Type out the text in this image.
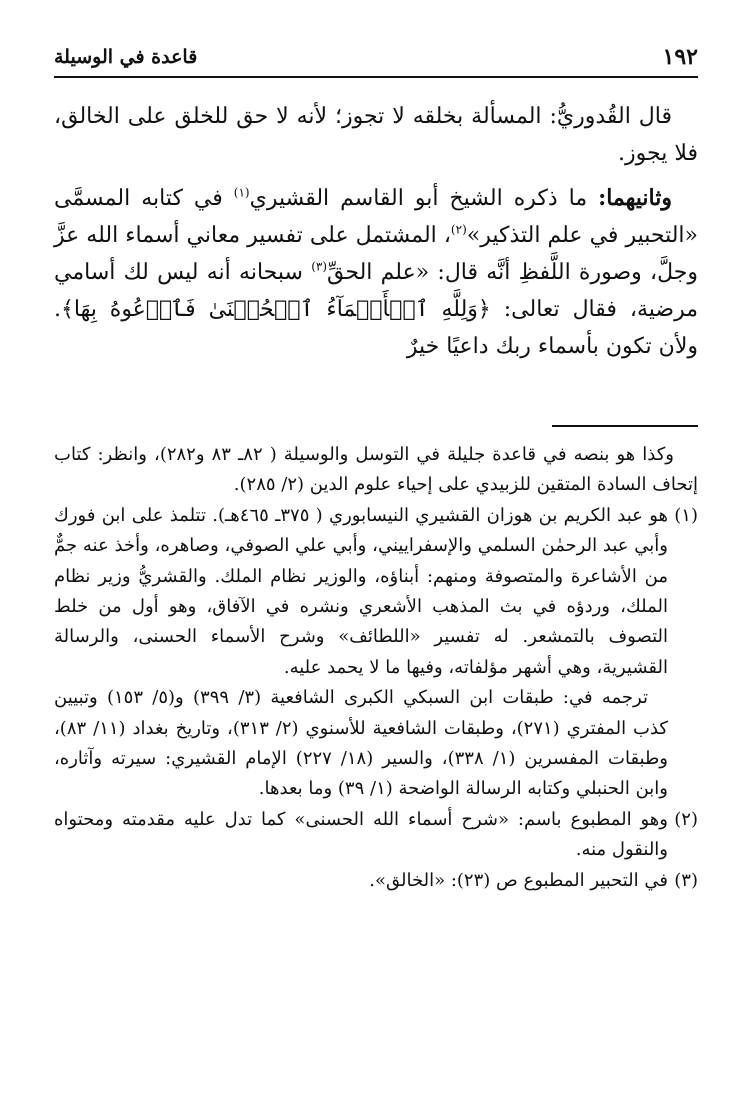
١٩٢
قاعدة في الوسيلة

قال القُدوريُّ: المسألة بخلقه لا تجوز؛ لأنه لا حق للخلق على الخالق، فلا يجوز.

وثانيهما: ما ذكره الشيخ أبو القاسم القشيري$^{(١)}$ في كتابه المسمَّى «التحبير في علم التذكير»$^{(٢)}$، المشتمل على تفسير معاني أسماء الله عزَّ وجلَّ، وصورة اللَّفظِ أنَّه قال: «علم الحقِّ$^{(٣)}$ سبحانه أنه ليس لك أسامي مرضية، فقال تعالى: ﴿وَلِلَّهِ ٱلۡأَسۡمَآءُ ٱلۡحُسۡنَىٰ فَٱدۡعُوهُ بِهَا﴾. ولأن تكون بأسماء ربك داعيًا خيرٌ

وكذا هو بنصه في قاعدة جليلة في التوسل والوسيلة ( ٨٢ـ ٨٣ و٢٨٢)، وانظر: كتاب إتحاف السادة المتقين للزبيدي على إحياء علوم الدين (٢/ ٢٨٥).

(١)

هو عبد الكريم بن هوزان القشيري النيسابوري ( ٣٧٥ـ ٤٦٥هـ). تتلمذ على ابن فورك وأبي عبد الرحمٰن السلمي والإسفراييني، وأبي علي الصوفي، وصاهره، وأخذ عنه جمٌّ من الأشاعرة والمتصوفة ومنهم: أبناؤه، والوزير نظام الملك. والقشريُّ وزير نظام الملك، وردؤه في بث المذهب الأشعري ونشره في الآفاق، وهو أول من خلط التصوف بالتمشعر. له تفسير «اللطائف» وشرح الأسماء الحسنى، والرسالة القشيرية، وهي أشهر مؤلفاته، وفيها ما لا يحمد عليه.

ترجمه في: طبقات ابن السبكي الكبرى الشافعية (٣/ ٣٩٩) و(٥/ ١٥٣) وتبيين كذب المفتري (٢٧١)، وطبقات الشافعية للأسنوي (٢/ ٣١٣)، وتاريخ بغداد (١١/ ٨٣)، وطبقات المفسرين (١/ ٣٣٨)، والسير (١٨/ ٢٢٧) الإمام القشيري: سيرته وآثاره، وابن الحنبلي وكتابه الرسالة الواضحة (١/ ٣٩) وما بعدها.

(٢)

وهو المطبوع باسم: «شرح أسماء الله الحسنى» كما تدل عليه مقدمته ومحتواه والنقول منه.

(٣)

في التحبير المطبوع ص (٢٣): «الخالق».
